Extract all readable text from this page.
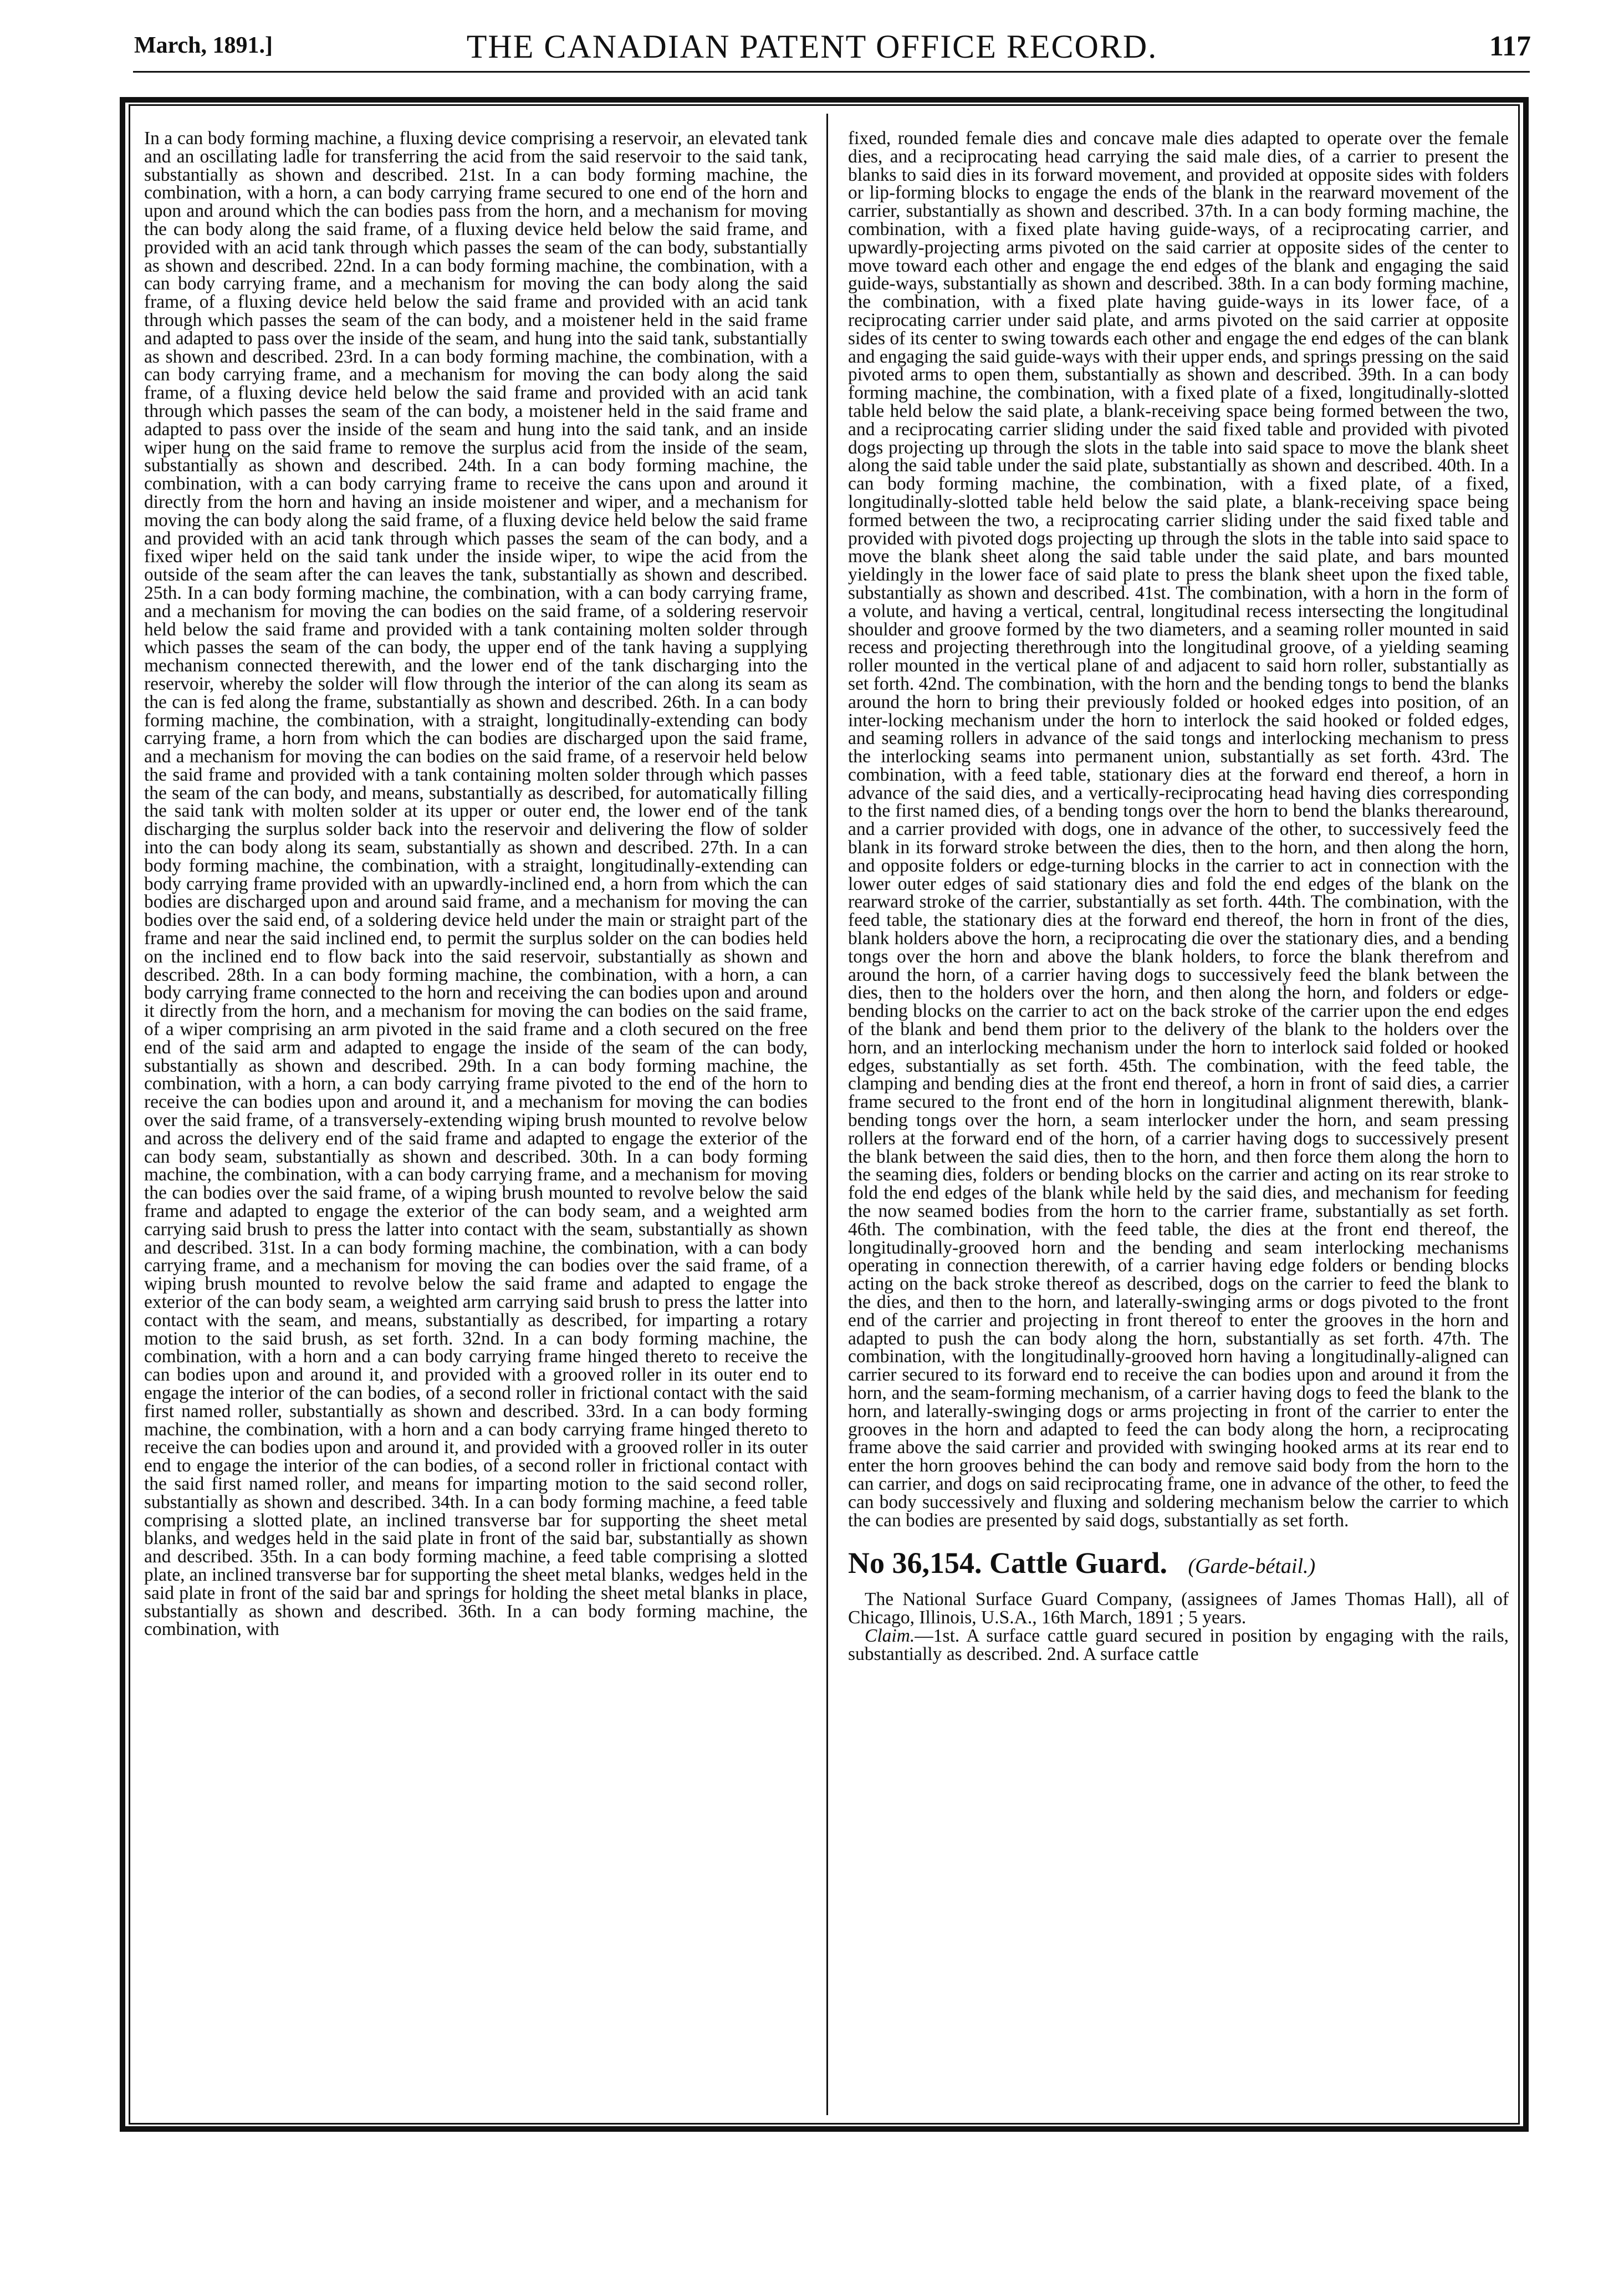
March, 1891.]	THE CANADIAN PATENT OFFICE RECORD.	117

In a can body forming machine, a fluxing device comprising a reservoir, an elevated tank and an oscillating ladle for transferring the acid from the said reservoir to the said tank, substantially as shown and described. 21st. In a can body forming machine, the combination, with a horn, a can body carrying frame secured to one end of the horn and upon and around which the can bodies pass from the horn, and a mechanism for moving the can body along the said frame, of a fluxing device held below the said frame, and provided with an acid tank through which passes the seam of the can body, substantially as shown and described. 22nd. In a can body forming machine, the combination, with a can body carrying frame, and a mechanism for moving the can body along the said frame, of a fluxing device held below the said frame and provided with an acid tank through which passes the seam of the can body, and a moistener held in the said frame and adapted to pass over the inside of the seam, and hung into the said tank, substantially as shown and described. 23rd. In a can body forming machine, the combination, with a can body carrying frame, and a mechanism for moving the can body along the said frame, of a fluxing device held below the said frame and provided with an acid tank through which passes the seam of the can body, a moistener held in the said frame and adapted to pass over the inside of the seam and hung into the said tank, and an inside wiper hung on the said frame to remove the surplus acid from the inside of the seam, substantially as shown and described. 24th. In a can body forming machine, the combination, with a can body carrying frame to receive the cans upon and around it directly from the horn and having an inside moistener and wiper, and a mechanism for moving the can body along the said frame, of a fluxing device held below the said frame and provided with an acid tank through which passes the seam of the can body, and a fixed wiper held on the said tank under the inside wiper, to wipe the acid from the outside of the seam after the can leaves the tank, substantially as shown and described. 25th. In a can body forming machine, the combination, with a can body carrying frame, and a mechanism for moving the can bodies on the said frame, of a soldering reservoir held below the said frame and provided with a tank containing molten solder through which passes the seam of the can body, the upper end of the tank having a supplying mechanism connected therewith, and the lower end of the tank discharging into the reservoir, whereby the solder will flow through the interior of the can along its seam as the can is fed along the frame, substantially as shown and described. 26th. In a can body forming machine, the combination, with a straight, longitudinally-extending can body carrying frame, a horn from which the can bodies are discharged upon the said frame, and a mechanism for moving the can bodies on the said frame, of a reservoir held below the said frame and provided with a tank containing molten solder through which passes the seam of the can body, and means, substantially as described, for automatically filling the said tank with molten solder at its upper or outer end, the lower end of the tank discharging the surplus solder back into the reservoir and delivering the flow of solder into the can body along its seam, substantially as shown and described. 27th. In a can body forming machine, the combination, with a straight, longitudinally-extending can body carrying frame provided with an upwardly-inclined end, a horn from which the can bodies are discharged upon and around said frame, and a mechanism for moving the can bodies over the said end, of a soldering device held under the main or straight part of the frame and near the said inclined end, to permit the surplus solder on the can bodies held on the inclined end to flow back into the said reservoir, substantially as shown and described. 28th. In a can body forming machine, the combination, with a horn, a can body carrying frame connected to the horn and receiving the can bodies upon and around it directly from the horn, and a mechanism for moving the can bodies on the said frame, of a wiper comprising an arm pivoted in the said frame and a cloth secured on the free end of the said arm and adapted to engage the inside of the seam of the can body, substantially as shown and described. 29th. In a can body forming machine, the combination, with a horn, a can body carrying frame pivoted to the end of the horn to receive the can bodies upon and around it, and a mechanism for moving the can bodies over the said frame, of a transversely-extending wiping brush mounted to revolve below and across the delivery end of the said frame and adapted to engage the exterior of the can body seam, substantially as shown and described. 30th. In a can body forming machine, the combination, with a can body carrying frame, and a mechanism for moving the can bodies over the said frame, of a wiping brush mounted to revolve below the said frame and adapted to engage the exterior of the can body seam, and a weighted arm carrying said brush to press the latter into contact with the seam, substantially as shown and described. 31st. In a can body forming machine, the combination, with a can body carrying frame, and a mechanism for moving the can bodies over the said frame, of a wiping brush mounted to revolve below the said frame and adapted to engage the exterior of the can body seam, a weighted arm carrying said brush to press the latter into contact with the seam, and means, substantially as described, for imparting a rotary motion to the said brush, as set forth. 32nd. In a can body forming machine, the combination, with a horn and a can body carrying frame hinged thereto to receive the can bodies upon and around it, and provided with a grooved roller in its outer end to engage the interior of the can bodies, of a second roller in frictional contact with the said first named roller, substantially as shown and described. 33rd. In a can body forming machine, the combination, with a horn and a can body carrying frame hinged thereto to receive the can bodies upon and around it, and provided with a grooved roller in its outer end to engage the interior of the can bodies, of a second roller in frictional contact with the said first named roller, and means for imparting motion to the said second roller, substantially as shown and described. 34th. In a can body forming machine, a feed table comprising a slotted plate, an inclined transverse bar for supporting the sheet metal blanks, and wedges held in the said plate in front of the said bar, substantially as shown and described. 35th. In a can body forming machine, a feed table comprising a slotted plate, an inclined transverse bar for supporting the sheet metal blanks, wedges held in the said plate in front of the said bar and springs for holding the sheet metal blanks in place, substantially as shown and described. 36th. In a can body forming machine, the combination, with

fixed, rounded female dies and concave male dies adapted to operate over the female dies, and a reciprocating head carrying the said male dies, of a carrier to present the blanks to said dies in its forward movement, and provided at opposite sides with folders or lip-forming blocks to engage the ends of the blank in the rearward movement of the carrier, substantially as shown and described. 37th. In a can body forming machine, the combination, with a fixed plate having guide-ways, of a reciprocating carrier, and upwardly-projecting arms pivoted on the said carrier at opposite sides of the center to move toward each other and engage the end edges of the blank and engaging the said guide-ways, substantially as shown and described. 38th. In a can body forming machine, the combination, with a fixed plate having guide-ways in its lower face, of a reciprocating carrier under said plate, and arms pivoted on the said carrier at opposite sides of its center to swing towards each other and engage the end edges of the can blank and engaging the said guide-ways with their upper ends, and springs pressing on the said pivoted arms to open them, substantially as shown and described. 39th. In a can body forming machine, the combination, with a fixed plate of a fixed, longitudinally-slotted table held below the said plate, a blank-receiving space being formed between the two, and a reciprocating carrier sliding under the said fixed table and provided with pivoted dogs projecting up through the slots in the table into said space to move the blank sheet along the said table under the said plate, substantially as shown and described. 40th. In a can body forming machine, the combination, with a fixed plate, of a fixed, longitudinally-slotted table held below the said plate, a blank-receiving space being formed between the two, a reciprocating carrier sliding under the said fixed table and provided with pivoted dogs projecting up through the slots in the table into said space to move the blank sheet along the said table under the said plate, and bars mounted yieldingly in the lower face of said plate to press the blank sheet upon the fixed table, substantially as shown and described. 41st. The combination, with a horn in the form of a volute, and having a vertical, central, longitudinal recess intersecting the longitudinal shoulder and groove formed by the two diameters, and a seaming roller mounted in said recess and projecting therethrough into the longitudinal groove, of a yielding seaming roller mounted in the vertical plane of and adjacent to said horn roller, substantially as set forth. 42nd. The combination, with the horn and the bending tongs to bend the blanks around the horn to bring their previously folded or hooked edges into position, of an inter-locking mechanism under the horn to interlock the said hooked or folded edges, and seaming rollers in advance of the said tongs and interlocking mechanism to press the interlocking seams into permanent union, substantially as set forth. 43rd. The combination, with a feed table, stationary dies at the forward end thereof, a horn in advance of the said dies, and a vertically-reciprocating head having dies corresponding to the first named dies, of a bending tongs over the horn to bend the blanks therearound, and a carrier provided with dogs, one in advance of the other, to successively feed the blank in its forward stroke between the dies, then to the horn, and then along the horn, and opposite folders or edge-turning blocks in the carrier to act in connection with the lower outer edges of said stationary dies and fold the end edges of the blank on the rearward stroke of the carrier, substantially as set forth. 44th. The combination, with the feed table, the stationary dies at the forward end thereof, the horn in front of the dies, blank holders above the horn, a reciprocating die over the stationary dies, and a bending tongs over the horn and above the blank holders, to force the blank therefrom and around the horn, of a carrier having dogs to successively feed the blank between the dies, then to the holders over the horn, and then along the horn, and folders or edge-bending blocks on the carrier to act on the back stroke of the carrier upon the end edges of the blank and bend them prior to the delivery of the blank to the holders over the horn, and an interlocking mechanism under the horn to interlock said folded or hooked edges, substantially as set forth. 45th. The combination, with the feed table, the clamping and bending dies at the front end thereof, a horn in front of said dies, a carrier frame secured to the front end of the horn in longitudinal alignment therewith, blank-bending tongs over the horn, a seam interlocker under the horn, and seam pressing rollers at the forward end of the horn, of a carrier having dogs to successively present the blank between the said dies, then to the horn, and then force them along the horn to the seaming dies, folders or bending blocks on the carrier and acting on its rear stroke to fold the end edges of the blank while held by the said dies, and mechanism for feeding the now seamed bodies from the horn to the carrier frame, substantially as set forth. 46th. The combination, with the feed table, the dies at the front end thereof, the longitudinally-grooved horn and the bending and seam interlocking mechanisms operating in connection therewith, of a carrier having edge folders or bending blocks acting on the back stroke thereof as described, dogs on the carrier to feed the blank to the dies, and then to the horn, and laterally-swinging arms or dogs pivoted to the front end of the carrier and projecting in front thereof to enter the grooves in the horn and adapted to push the can body along the horn, substantially as set forth. 47th. The combination, with the longitudinally-grooved horn having a longitudinally-aligned can carrier secured to its forward end to receive the can bodies upon and around it from the horn, and the seam-forming mechanism, of a carrier having dogs to feed the blank to the horn, and laterally-swinging dogs or arms projecting in front of the carrier to enter the grooves in the horn and adapted to feed the can body along the horn, a reciprocating frame above the said carrier and provided with swinging hooked arms at its rear end to enter the horn grooves behind the can body and remove said body from the horn to the can carrier, and dogs on said reciprocating frame, one in advance of the other, to feed the can body successively and fluxing and soldering mechanism below the carrier to which the can bodies are presented by said dogs, substantially as set forth.

No 36,154. Cattle Guard. (Garde-bétail.)

The National Surface Guard Company, (assignees of James Thomas Hall), all of Chicago, Illinois, U.S.A., 16th March, 1891 ; 5 years.

Claim.—1st. A surface cattle guard secured in position by engaging with the rails, substantially as described. 2nd. A surface cattle
